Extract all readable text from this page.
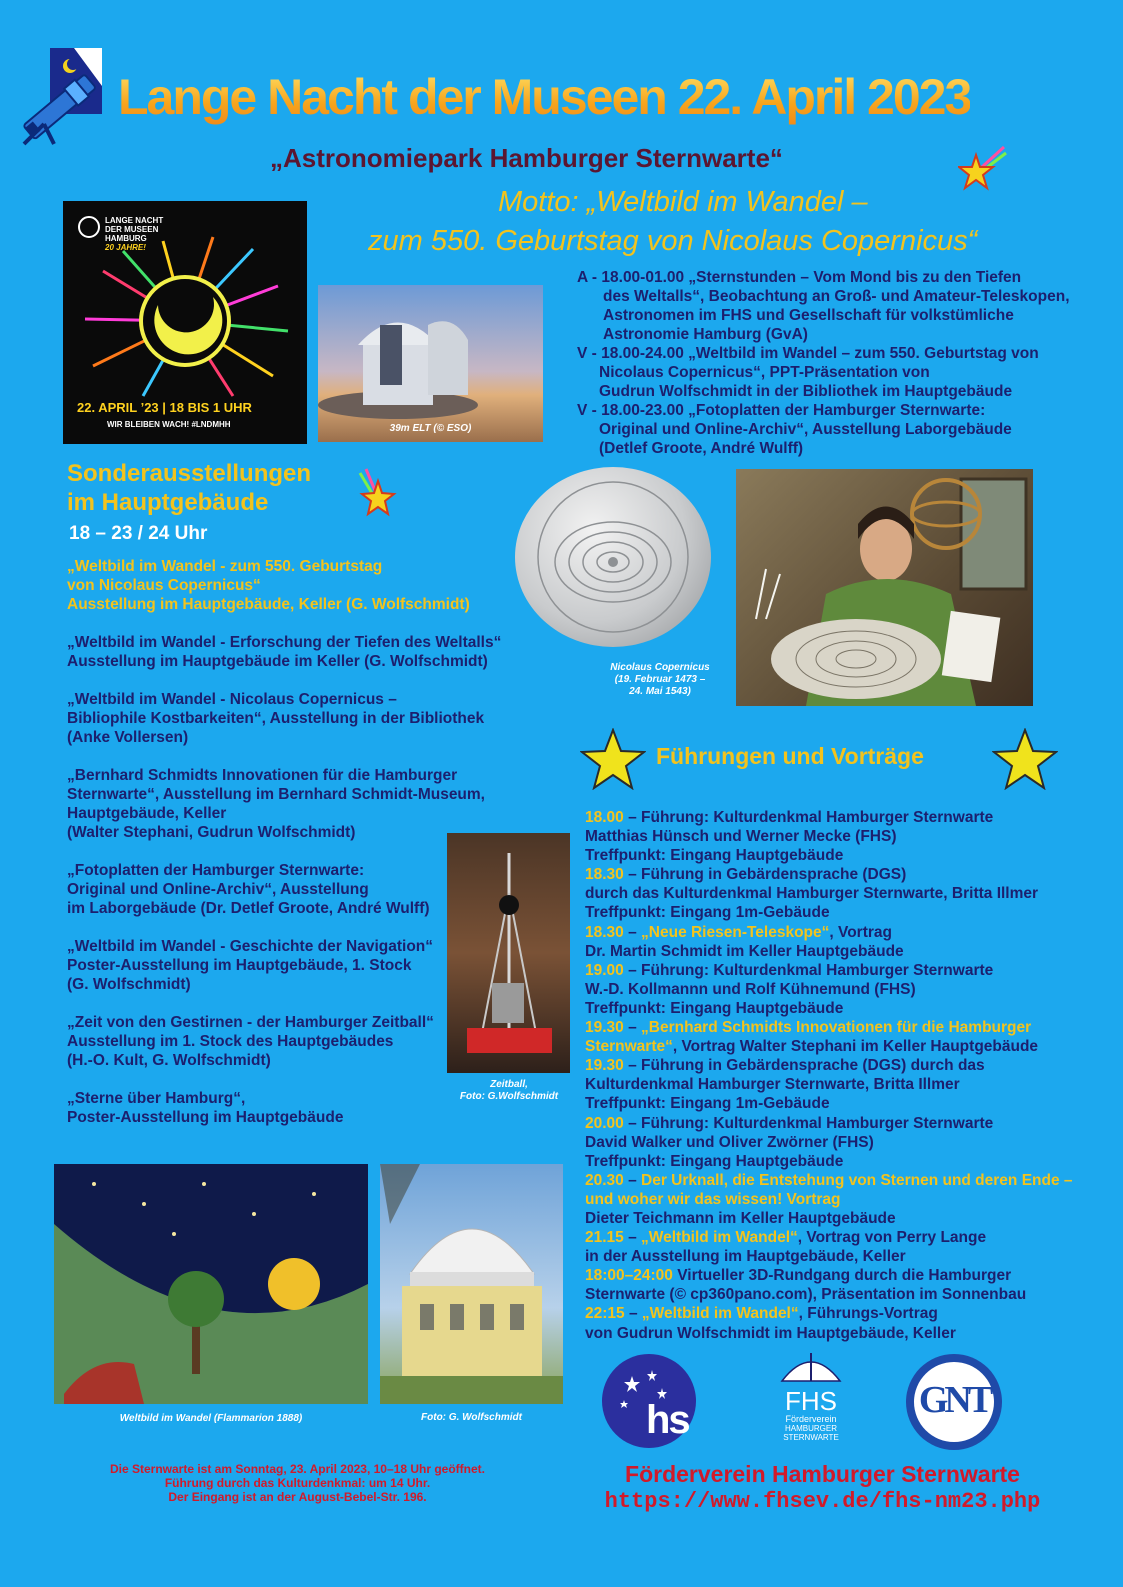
Lange Nacht der Museen 22. April 2023
„Astronomiepark Hamburger Sternwarte“
Motto: „Weltbild im Wandel –
zum 550. Geburtstag von Nicolaus Copernicus“
LANGE NACHT
DER MUSEEN
HAMBURG
20 JAHRE!
22. APRIL ’23 | 18 BIS 1 UHR
WIR BLEIBEN WACH! #LNDMHH	39m ELT (© ESO)
A - 18.00-01.00 „Sternstunden – Vom Mond bis zu den Tiefen
des Weltalls“, Beobachtung an Groß- und Amateur-Teleskopen,
Astronomen im FHS und Gesellschaft für volkstümliche
Astronomie Hamburg (GvA)
V - 18.00-24.00 „Weltbild im Wandel – zum 550. Geburtstag von
Nicolaus Copernicus“, PPT-Präsentation von
Gudrun Wolfschmidt in der Bibliothek im Hauptgebäude
V - 18.00-23.00 „Fotoplatten der Hamburger Sternwarte:
Original und Online-Archiv“, Ausstellung Laborgebäude
(Detlef Groote, André Wulff)
Sonderausstellungen
im Hauptgebäude
18 – 23 / 24 Uhr
„Weltbild im Wandel - zum 550. Geburtstag
von Nicolaus Copernicus“
Ausstellung im Hauptgebäude, Keller (G. Wolfschmidt)
„Weltbild im Wandel - Erforschung der Tiefen des Weltalls“
Ausstellung im Hauptgebäude im Keller (G. Wolfschmidt)
„Weltbild im Wandel - Nicolaus Copernicus –
Bibliophile Kostbarkeiten“, Ausstellung in der Bibliothek
(Anke Vollersen)
„Bernhard Schmidts Innovationen für die Hamburger
Sternwarte“, Ausstellung im Bernhard Schmidt-Museum,
Hauptgebäude, Keller
(Walter Stephani, Gudrun Wolfschmidt)
„Fotoplatten der Hamburger Sternwarte:
Original und Online-Archiv“, Ausstellung
im Laborgebäude (Dr. Detlef Groote, André Wulff)
„Weltbild im Wandel - Geschichte der Navigation“
Poster-Ausstellung im Hauptgebäude, 1. Stock
(G. Wolfschmidt)
„Zeit von den Gestirnen - der Hamburger Zeitball“
Ausstellung im 1. Stock des Hauptgebäudes
(H.-O. Kult, G. Wolfschmidt)
„Sterne über Hamburg“,
Poster-Ausstellung im Hauptgebäude
Nicolaus Copernicus
(19. Februar 1473 –
24. Mai 1543)
Führungen und Vorträge
18.00 – Führung: Kulturdenkmal Hamburger Sternwarte
Matthias Hünsch und Werner Mecke (FHS)
Treffpunkt: Eingang Hauptgebäude
18.30 – Führung in Gebärdensprache (DGS)
durch das Kulturdenkmal Hamburger Sternwarte, Britta Illmer
Treffpunkt: Eingang 1m-Gebäude
18.30 – „Neue Riesen-Teleskope“, Vortrag
Dr. Martin Schmidt im Keller Hauptgebäude
19.00 – Führung: Kulturdenkmal Hamburger Sternwarte
W.-D. Kollmannn und Rolf Kühnemund (FHS)
Treffpunkt: Eingang Hauptgebäude
19.30 – „Bernhard Schmidts Innovationen für die Hamburger
Sternwarte“, Vortrag Walter Stephani im Keller Hauptgebäude
19.30 – Führung in Gebärdensprache (DGS) durch das
Kulturdenkmal Hamburger Sternwarte, Britta Illmer
Treffpunkt: Eingang 1m-Gebäude
20.00 – Führung: Kulturdenkmal Hamburger Sternwarte
David Walker und Oliver Zwörner (FHS)
Treffpunkt: Eingang Hauptgebäude
20.30 – Der Urknall, die Entstehung von Sternen und deren Ende –
und woher wir das wissen! Vortrag
Dieter Teichmann im Keller Hauptgebäude
21.15 – „Weltbild im Wandel“, Vortrag von Perry Lange
in der Ausstellung im Hauptgebäude, Keller
18:00–24:00 Virtueller 3D-Rundgang durch die Hamburger
Sternwarte (© cp360pano.com), Präsentation im Sonnenbau
22:15 – „Weltbild im Wandel“, Führungs-Vortrag
von Gudrun Wolfschmidt im Hauptgebäude, Keller
Zeitball,
Foto: G.Wolfschmidt
Weltbild im Wandel (Flammarion 1888)	Foto: G. Wolfschmidt	hs	FHS
Förderverein
HAMBURGER
STERNWARTE
GNT
Die Sternwarte ist am Sonntag, 23. April 2023, 10–18 Uhr geöffnet.
Führung durch das Kulturdenkmal: um 14 Uhr.
Der Eingang ist an der August-Bebel-Str. 196.
Förderverein Hamburger Sternwarte
https://www.fhsev.de/fhs-nm23.php
